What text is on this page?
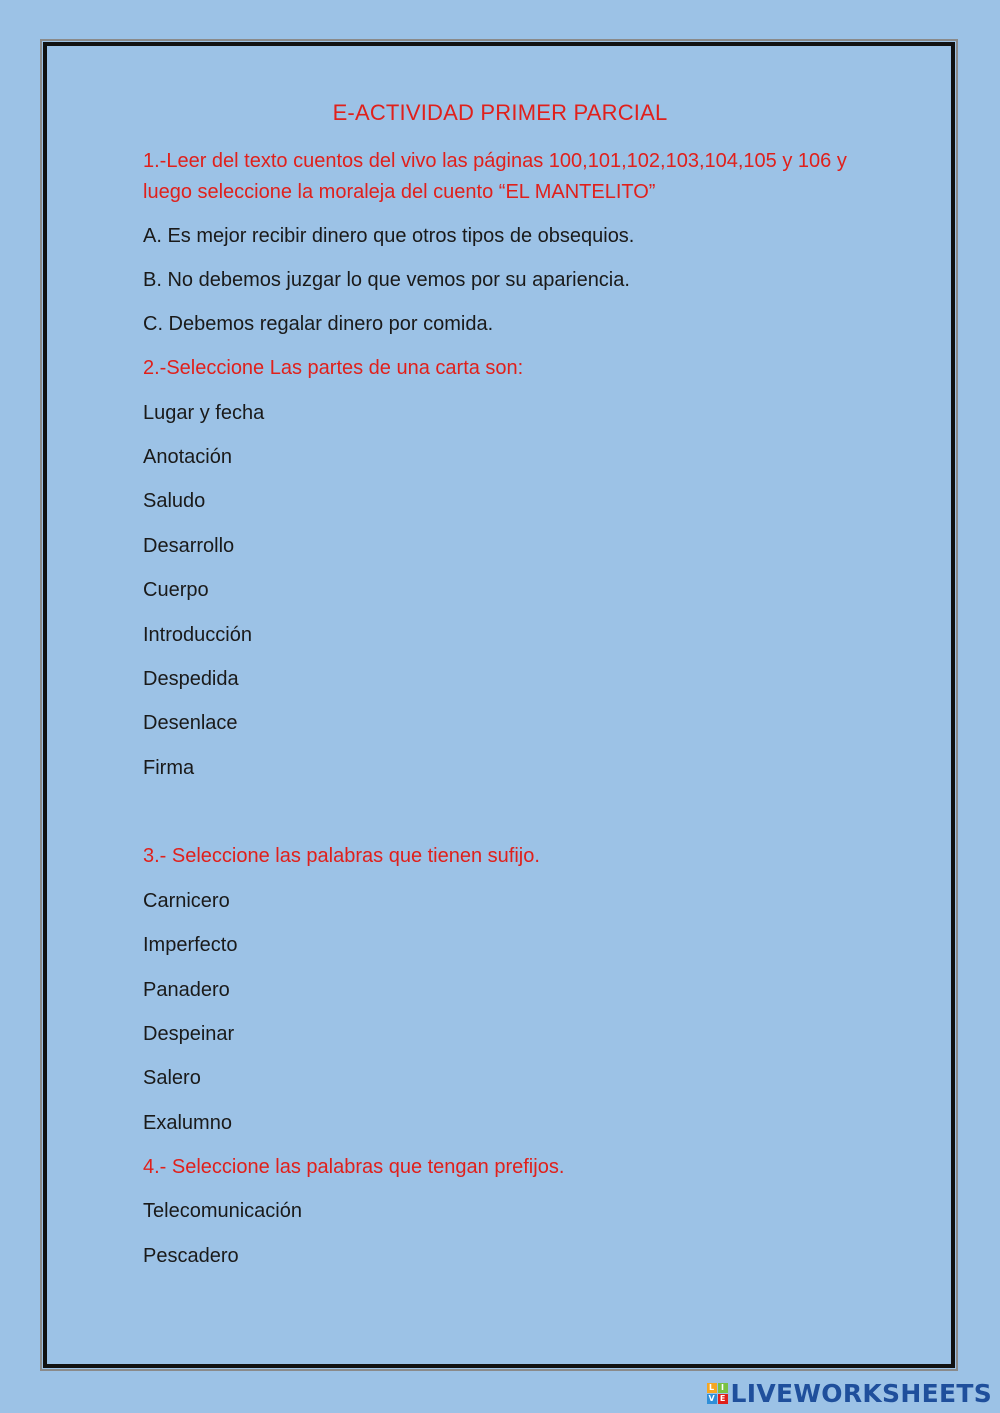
E-ACTIVIDAD PRIMER PARCIAL
1.-Leer del texto cuentos del vivo las páginas 100,101,102,103,104,105 y 106 y luego seleccione la moraleja del cuento “EL MANTELITO”
A. Es mejor recibir dinero que otros tipos de obsequios.
B. No debemos juzgar lo que vemos por su apariencia.
C. Debemos regalar dinero por comida.
2.-Seleccione Las partes de una carta son:
Lugar y fecha
Anotación
Saludo
Desarrollo
Cuerpo
Introducción
Despedida
Desenlace
Firma
3.- Seleccione las palabras que tienen sufijo.
Carnicero
Imperfecto
Panadero
Despeinar
Salero
Exalumno
4.- Seleccione las palabras que tengan prefijos.
Telecomunicación
Pescadero
L I
V E LIVEWORKSHEETS
